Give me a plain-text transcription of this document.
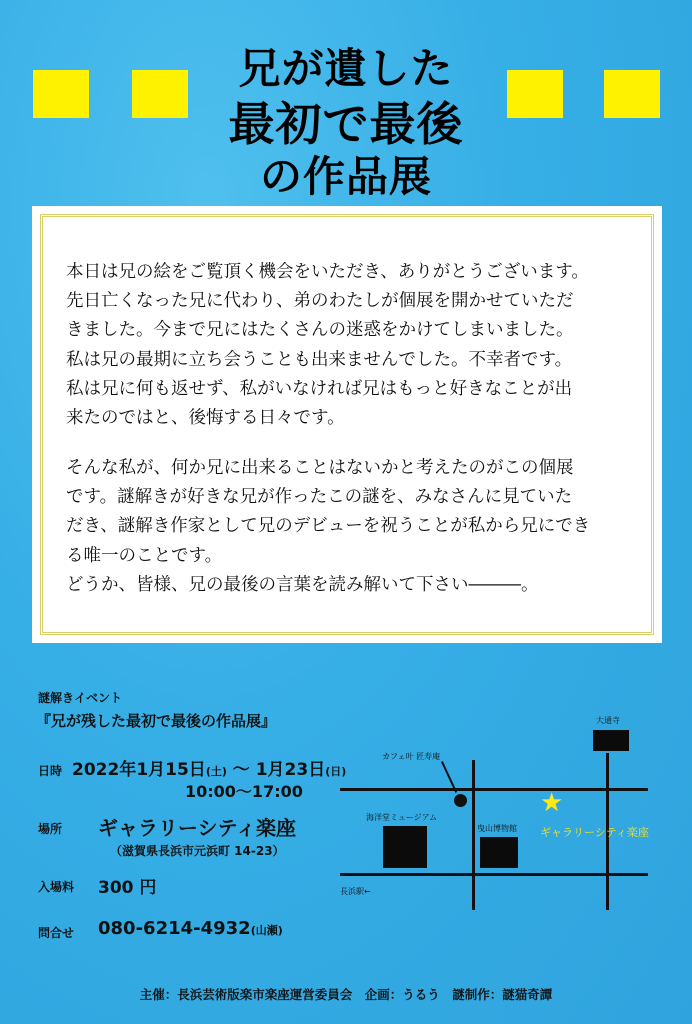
兄が遺した
最初で最後
の作品展
本日は兄の絵をご覧頂く機会をいただき、ありがとうございます。
先日亡くなった兄に代わり、弟のわたしが個展を開かせていただ
きました。今まで兄にはたくさんの迷惑をかけてしまいました。
私は兄の最期に立ち会うことも出来ませんでした。不幸者です。
私は兄に何も返せず、私がいなければ兄はもっと好きなことが出
来たのではと、後悔する日々です。
そんな私が、何か兄に出来ることはないかと考えたのがこの個展
です。謎解きが好きな兄が作ったこの謎を、みなさんに見ていた
だき、謎解き作家として兄のデビューを祝うことが私から兄にでき
る唯一のことです。
どうか、皆様、兄の最後の言葉を読み解いて下さい―――。
謎解きイベント
『兄が残した最初で最後の作品展』
日時 2022年1月15日(土) 〜 1月23日(日)
10:00〜17:00
場所 ギャラリーシティ楽座
（滋賀県長浜市元浜町 14-23）
入場料 300 円
問合せ 080-6214-4932(山瀬)
大通寺
カフェ叶 匠寿庵
海洋堂ミュージアム
曳山博物館
★
ギャラリーシティ楽座
長浜駅←
主催：長浜芸術版楽市楽座運営委員会　企画：うるう　謎制作：謎猫奇譚
